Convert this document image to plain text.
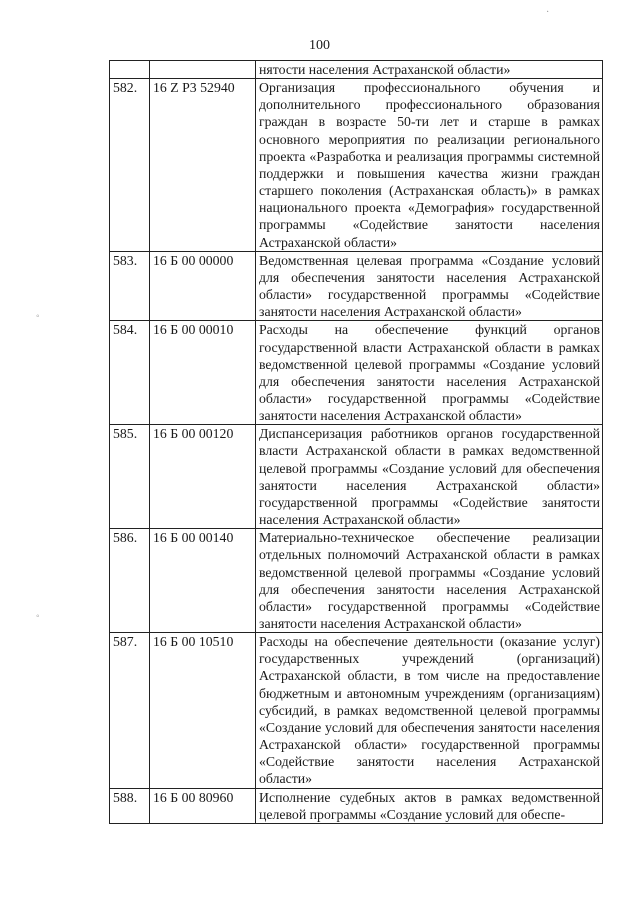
100
		нятости населения Астраханской области»
582.	16 Z P3 52940	Организация профессионального обучения и дополнительного профессионального образования граждан в возрасте 50-ти лет и старше в рамках основного мероприятия по реализации регионального проекта «Разработка и реализация программы системной поддержки и повышения качества жизни граждан старшего поколения (Астраханская область)» в рамках национального проекта «Демография» государственной программы «Содействие занятости населения Астраханской области»
583.	16 Б 00 00000	Ведомственная целевая программа «Создание условий для обеспечения занятости населения Астраханской области» государственной программы «Содействие занятости населения Астраханской области»
584.	16 Б 00 00010	Расходы на обеспечение функций органов государственной власти Астраханской области в рамках ведомственной целевой программы «Создание условий для обеспечения занятости населения Астраханской области» государственной программы «Содействие занятости населения Астраханской области»
585.	16 Б 00 00120	Диспансеризация работников органов государственной власти Астраханской области в рамках ведомственной целевой программы «Создание условий для обеспечения занятости населения Астраханской области» государственной программы «Содействие занятости населения Астраханской области»
586.	16 Б 00 00140	Материально-техническое обеспечение реализации отдельных полномочий Астраханской области в рамках ведомственной целевой программы «Создание условий для обеспечения занятости населения Астраханской области» государственной программы «Содействие занятости населения Астраханской области»
587.	16 Б 00 10510	Расходы на обеспечение деятельности (оказание услуг) государственных учреждений (организаций) Астраханской области, в том числе на предоставление бюджетным и автономным учреждениям (организациям) субсидий, в рамках ведомственной целевой программы «Создание условий для обеспечения занятости населения Астраханской области» государственной программы «Содействие занятости населения Астраханской области»
588.	16 Б 00 80960	Исполнение судебных актов в рамках ведомственной целевой программы «Создание условий для обеспе-
·
◦
◦
